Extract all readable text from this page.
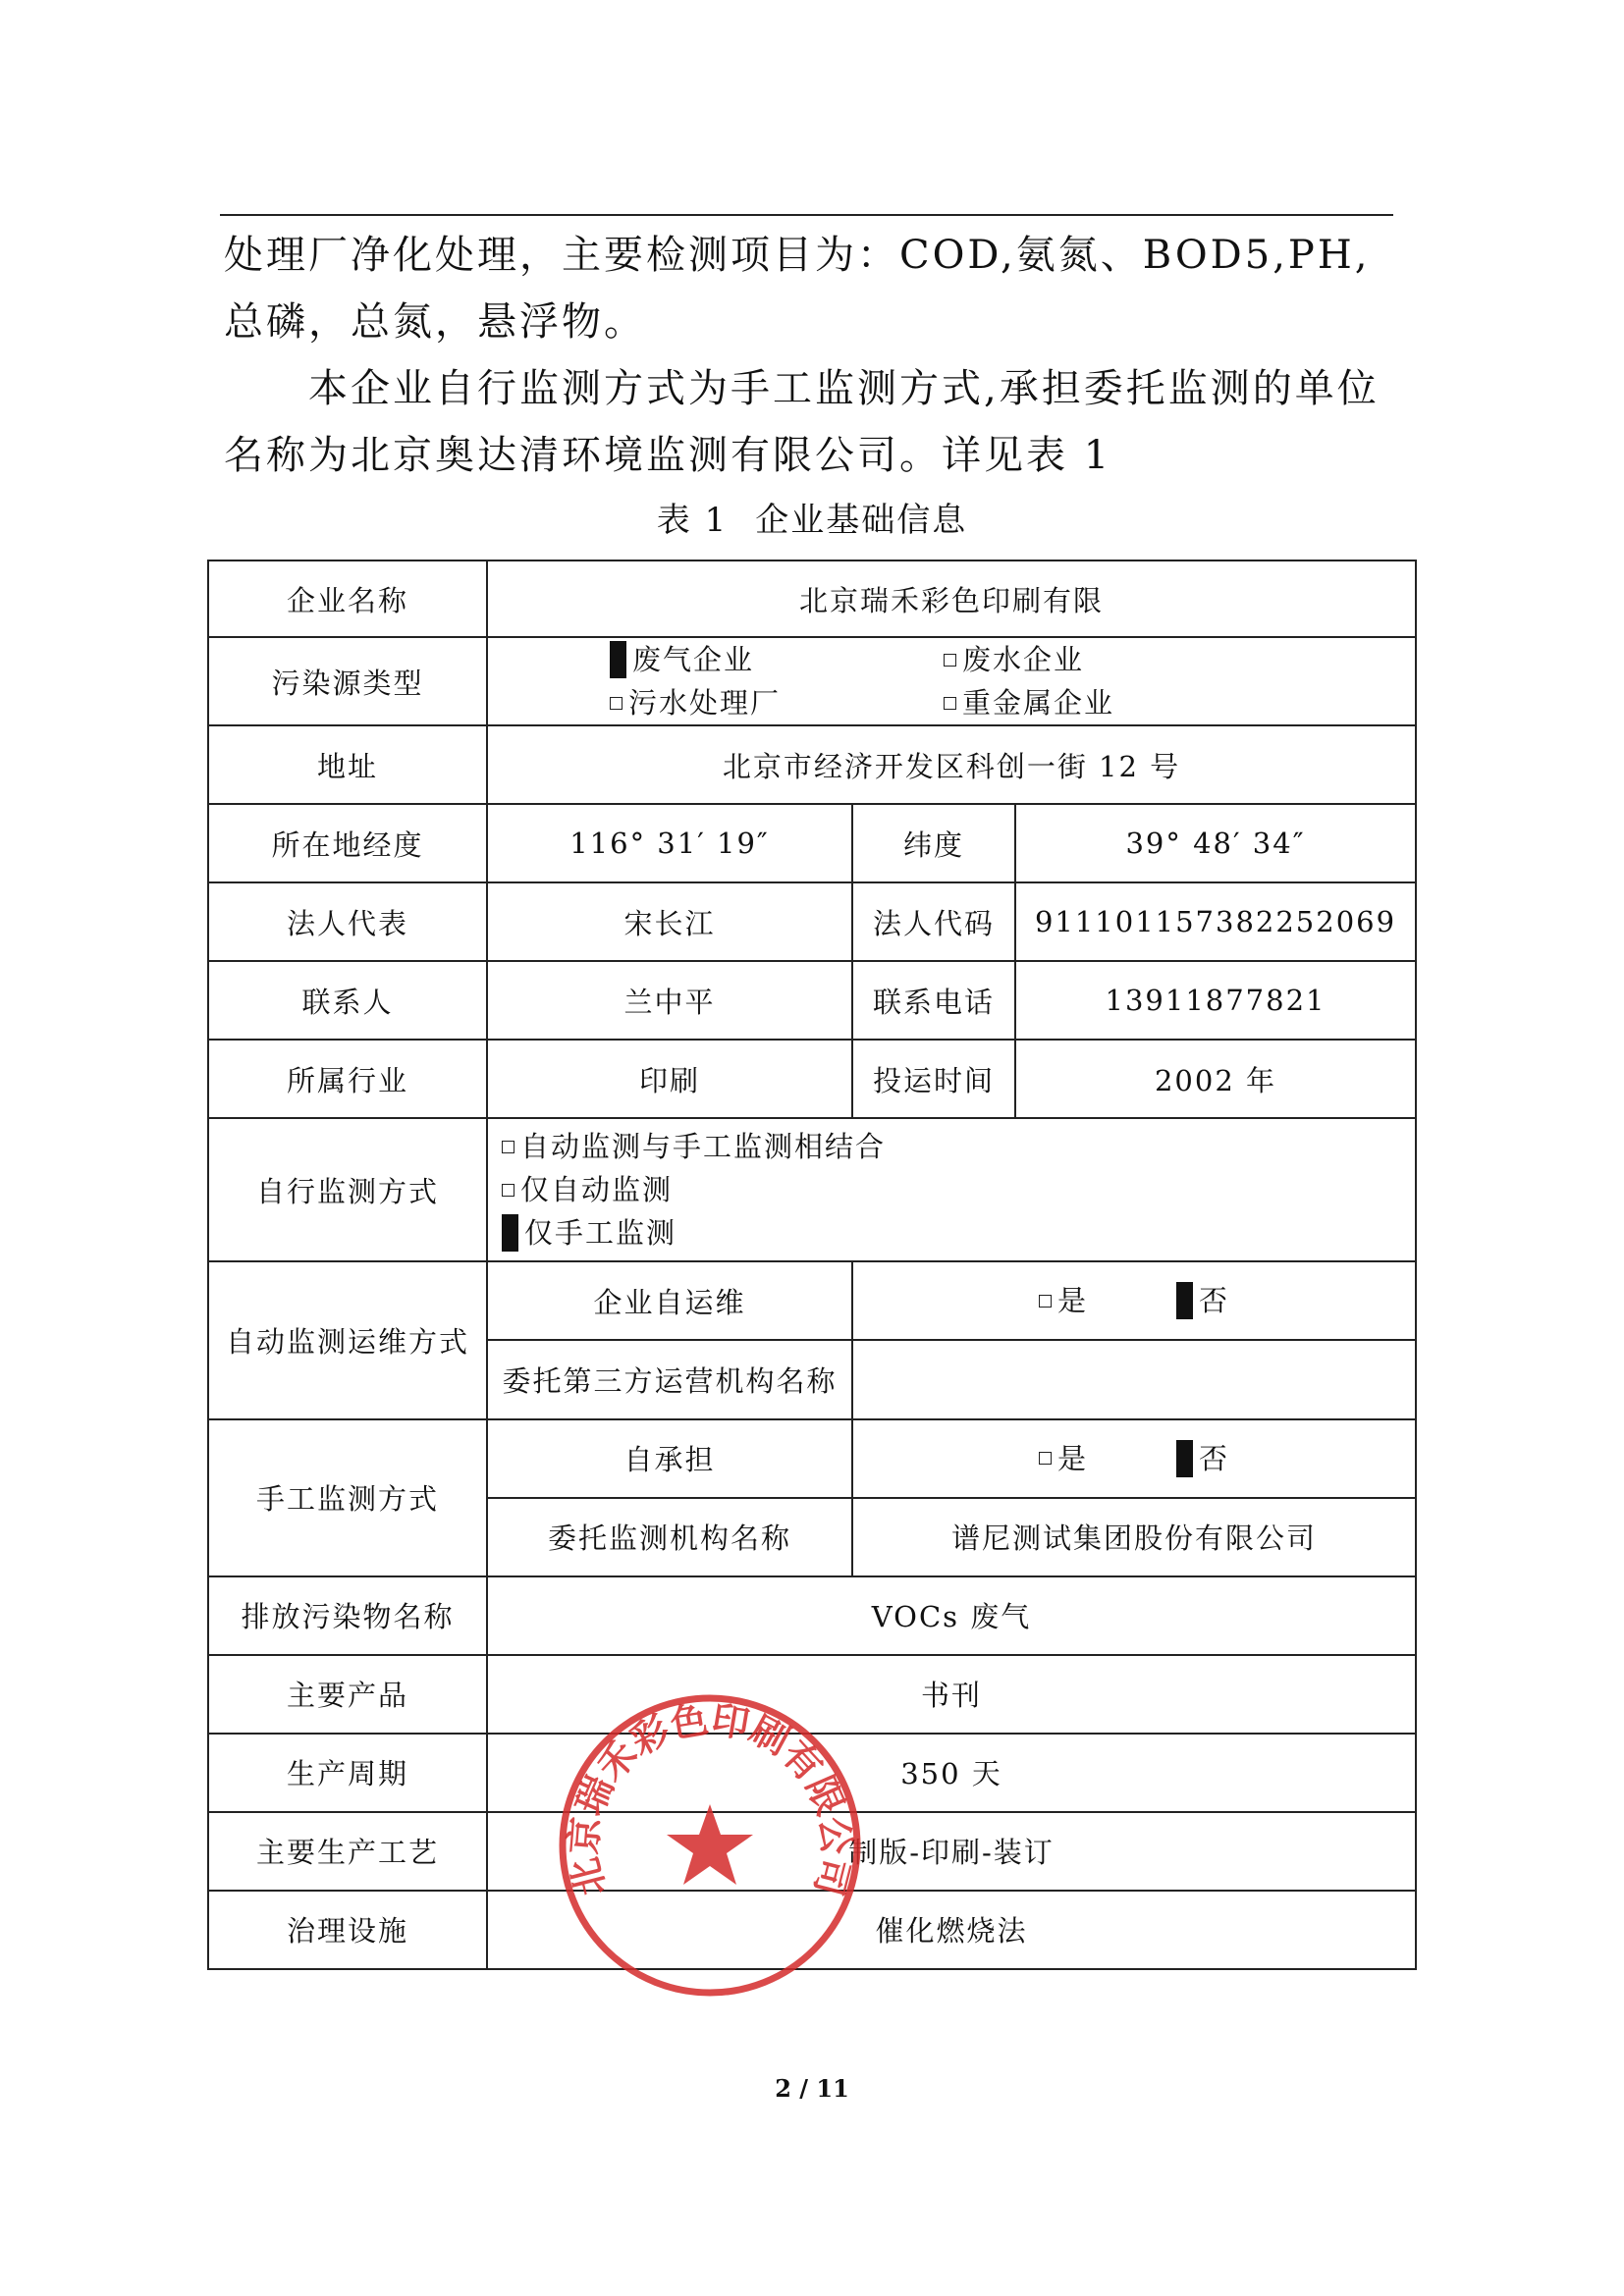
处理厂净化处理，主要检测项目为：COD,氨氮、BOD5,PH,总磷，总氮，悬浮物。

本企业自行监测方式为手工监测方式,承担委托监测的单位名称为北京奥达清环境监测有限公司。详见表 1

表 1 企业基础信息
企业名称	北京瑞禾彩色印刷有限		
污染源类型	废气企业 废水企业
污水处理厂 重金属企业		

地址	北京市经济开发区科创一街 12 号		
所在地经度	116° 31′ 19″	纬度	39° 48′ 34″
法人代表	宋长江	法人代码	911101157382252069
联系人	兰中平	联系电话	13911877821
所属行业	印刷	投运时间	2002 年
自行监测方式	自动监测与手工监测相结合
仅自动监测
仅手工监测		

自动监测运维方式	企业自运维	是 否	

	委托第三方运营机构名称		
手工监测方式	自承担	是 否	

	委托监测机构名称	谱尼测试集团股份有限公司	
排放污染物名称	VOCs 废气		
主要产品	书刊		
生产周期	350 天		
主要生产工艺	制版-印刷-装订		
治理设施	催化燃烧法		
北京瑞禾彩色印刷有限公司
2 / 11
